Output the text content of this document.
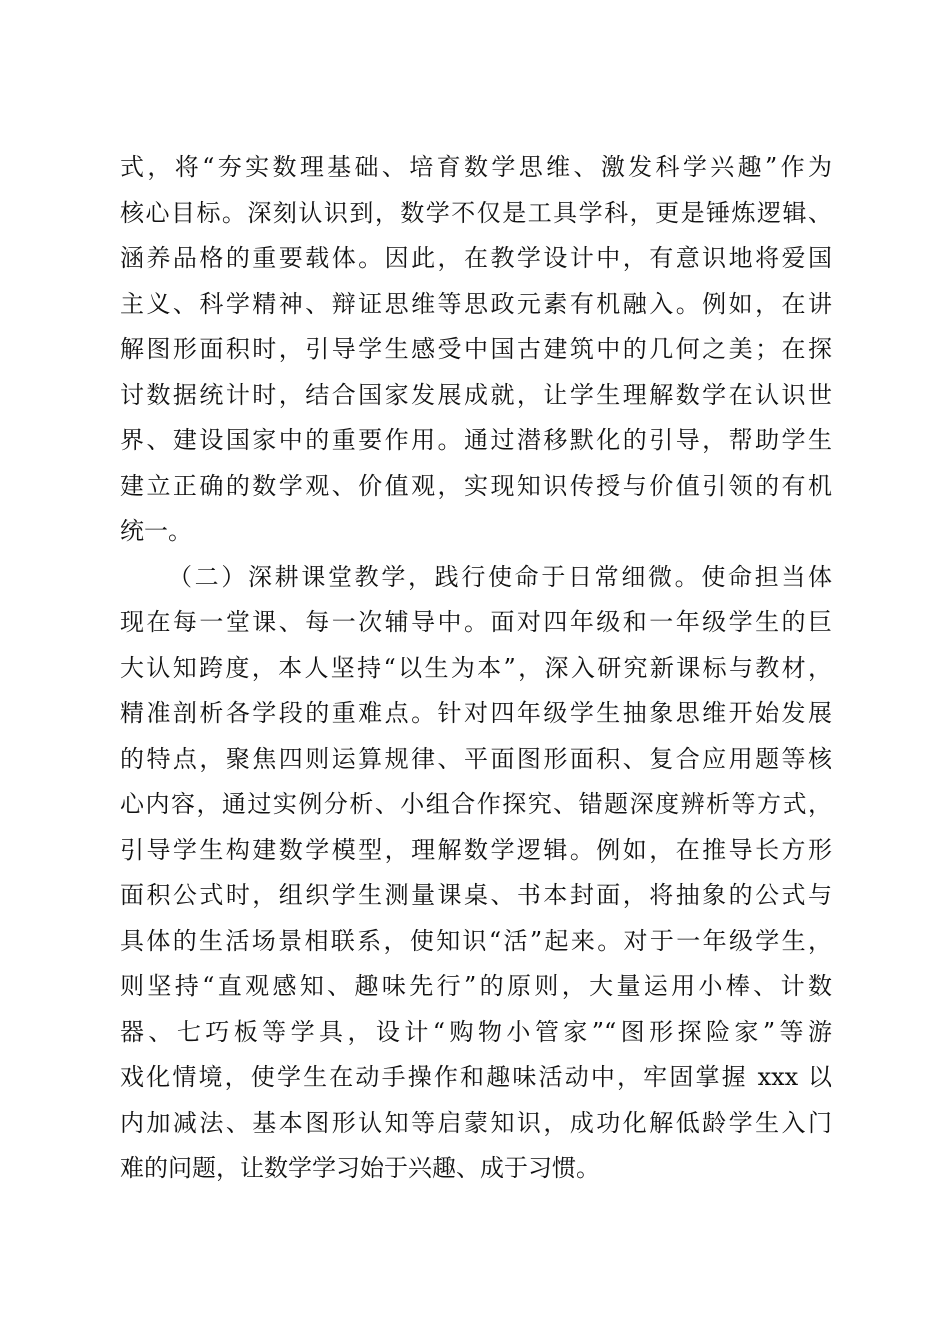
式，将“夯实数理基础、培育数学思维、激发科学兴趣”作为
核心目标。深刻认识到，数学不仅是工具学科，更是锤炼逻辑、
涵养品格的重要载体。因此，在教学设计中，有意识地将爱国
主义、科学精神、辩证思维等思政元素有机融入。例如，在讲
解图形面积时，引导学生感受中国古建筑中的几何之美；在探
讨数据统计时，结合国家发展成就，让学生理解数学在认识世
界、建设国家中的重要作用。通过潜移默化的引导，帮助学生
建立正确的数学观、价值观，实现知识传授与价值引领的有机
统一。
（二）深耕课堂教学，践行使命于日常细微。使命担当体
现在每一堂课、每一次辅导中。面对四年级和一年级学生的巨
大认知跨度，本人坚持“以生为本”，深入研究新课标与教材，
精准剖析各学段的重难点。针对四年级学生抽象思维开始发展
的特点，聚焦四则运算规律、平面图形面积、复合应用题等核
心内容，通过实例分析、小组合作探究、错题深度辨析等方式，
引导学生构建数学模型，理解数学逻辑。例如，在推导长方形
面积公式时，组织学生测量课桌、书本封面，将抽象的公式与
具体的生活场景相联系，使知识“活”起来。对于一年级学生，
则坚持“直观感知、趣味先行”的原则，大量运用小棒、计数
器、七巧板等学具，设计“购物小管家”“图形探险家”等游
戏化情境，使学生在动手操作和趣味活动中，牢固掌握 xxx 以
内加减法、基本图形认知等启蒙知识，成功化解低龄学生入门
难的问题，让数学学习始于兴趣、成于习惯。
